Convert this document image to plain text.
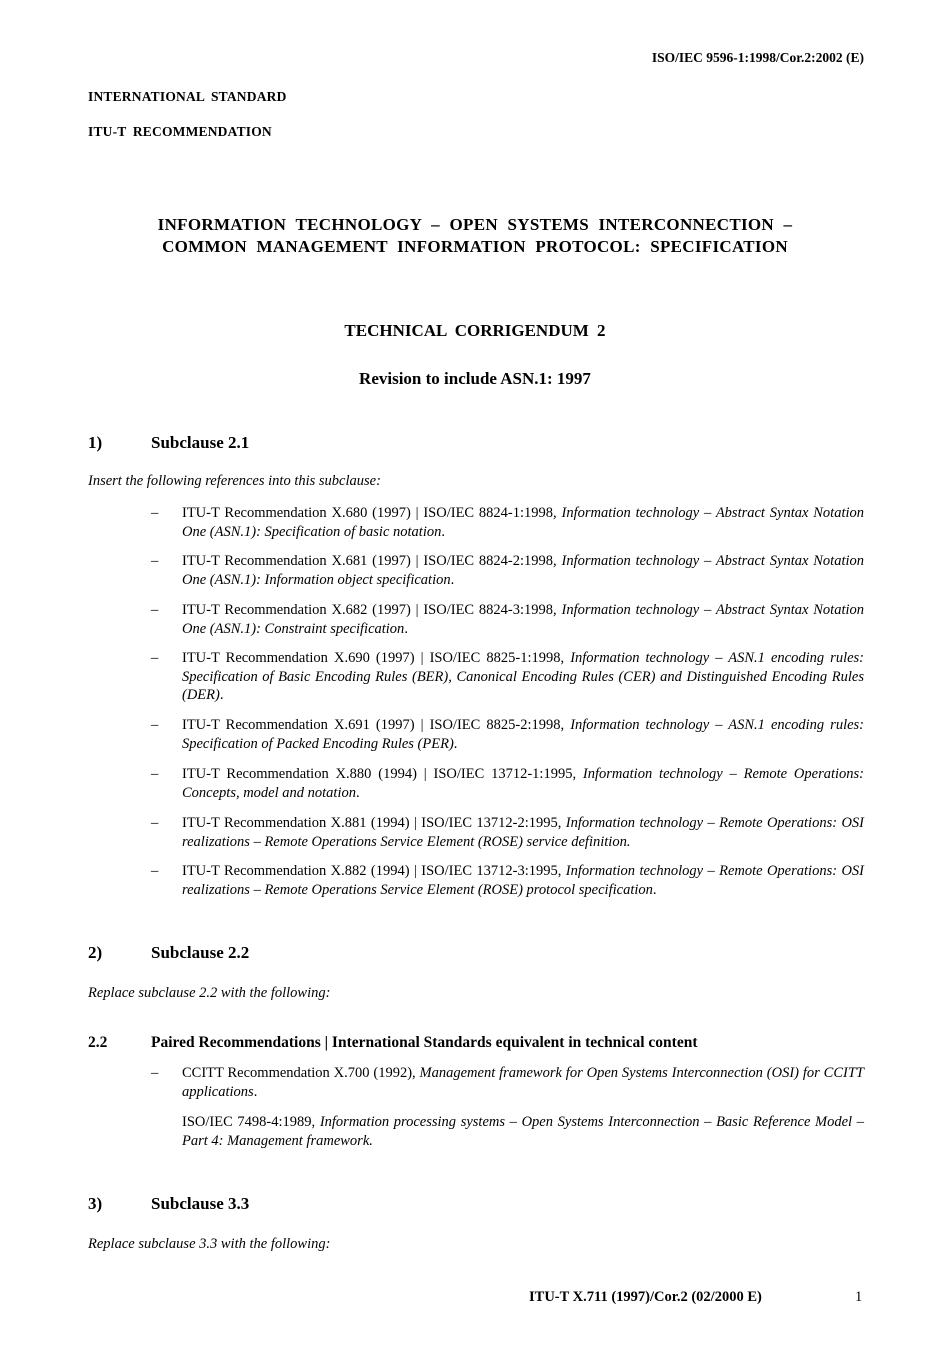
ISO/IEC 9596-1:1998/Cor.2:2002 (E)
INTERNATIONAL STANDARD
ITU-T RECOMMENDATION
INFORMATION TECHNOLOGY – OPEN SYSTEMS INTERCONNECTION –
COMMON MANAGEMENT INFORMATION PROTOCOL: SPECIFICATION
TECHNICAL CORRIGENDUM 2
Revision to include ASN.1: 1997
1)	Subclause 2.1
Insert the following references into this subclause:
– ITU-T Recommendation X.680 (1997) | ISO/IEC 8824-1:1998, Information technology – Abstract Syntax Notation One (ASN.1): Specification of basic notation.
– ITU-T Recommendation X.681 (1997) | ISO/IEC 8824-2:1998, Information technology – Abstract Syntax Notation One (ASN.1): Information object specification.
– ITU-T Recommendation X.682 (1997) | ISO/IEC 8824-3:1998, Information technology – Abstract Syntax Notation One (ASN.1): Constraint specification.
– ITU-T Recommendation X.690 (1997) | ISO/IEC 8825-1:1998, Information technology – ASN.1 encoding rules: Specification of Basic Encoding Rules (BER), Canonical Encoding Rules (CER) and Distinguished Encoding Rules (DER).
– ITU-T Recommendation X.691 (1997) | ISO/IEC 8825-2:1998, Information technology – ASN.1 encoding rules: Specification of Packed Encoding Rules (PER).
– ITU-T Recommendation X.880 (1994) | ISO/IEC 13712-1:1995, Information technology – Remote Operations: Concepts, model and notation.
– ITU-T Recommendation X.881 (1994) | ISO/IEC 13712-2:1995, Information technology – Remote Operations: OSI realizations – Remote Operations Service Element (ROSE) service definition.
– ITU-T Recommendation X.882 (1994) | ISO/IEC 13712-3:1995, Information technology – Remote Operations: OSI realizations – Remote Operations Service Element (ROSE) protocol specification.
2)	Subclause 2.2
Replace subclause 2.2 with the following:
2.2	Paired Recommendations | International Standards equivalent in technical content
– CCITT Recommendation X.700 (1992), Management framework for Open Systems Interconnection (OSI) for CCITT applications.
ISO/IEC 7498-4:1989, Information processing systems – Open Systems Interconnection – Basic Reference Model – Part 4: Management framework.
3)	Subclause 3.3
Replace subclause 3.3 with the following:
ITU-T X.711 (1997)/Cor.2 (02/2000 E)	1
